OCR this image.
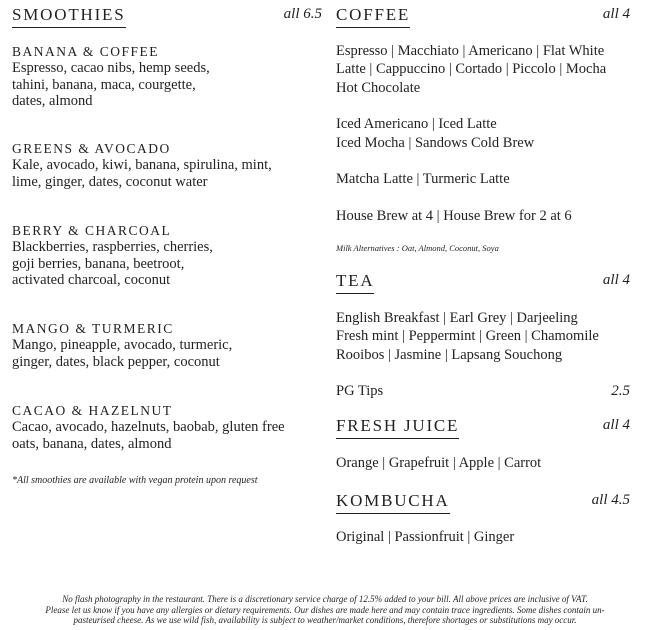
SMOOTHIES	all 6.5
BANANA & COFFEE
Espresso, cacao nibs, hemp seeds,
tahini, banana, maca, courgette,
dates, almond
GREENS & AVOCADO
Kale, avocado, kiwi, banana, spirulina, mint,
lime, ginger, dates, coconut water
BERRY & CHARCOAL
Blackberries, raspberries, cherries,
goji berries, banana, beetroot,
activated charcoal, coconut
MANGO & TURMERIC
Mango, pineapple, avocado, turmeric,
ginger, dates, black pepper, coconut
CACAO & HAZELNUT
Cacao, avocado, hazelnuts, baobab, gluten free
oats, banana, dates, almond
*All smoothies are available with vegan protein upon request
COFFEE	all 4
Espresso | Macchiato | Americano | Flat White
Latte | Cappuccino | Cortado | Piccolo | Mocha
Hot Chocolate
Iced Americano | Iced Latte
Iced Mocha | Sandows Cold Brew
Matcha Latte | Turmeric Latte
House Brew at 4 | House Brew for 2 at 6
Milk Alternatives : Oat, Almond, Coconut, Soya
TEA	all 4
English Breakfast | Earl Grey | Darjeeling
Fresh mint | Peppermint | Green | Chamomile
Rooibos | Jasmine | Lapsang Souchong
PG Tips	2.5
FRESH JUICE	all 4
Orange | Grapefruit | Apple | Carrot
KOMBUCHA	all 4.5
Original | Passionfruit | Ginger
No flash photography in the restaurant. There is a discretionary service charge of 12.5% added to your bill. All above prices are inclusive of VAT.
Please let us know if you have any allergies or dietary requirements. Our dishes are made here and may contain trace ingredients. Some dishes contain un-
pasteurised cheese. As we use wild fish, availability is subject to weather/market conditions, therefore shortages or substitutions may occur.
